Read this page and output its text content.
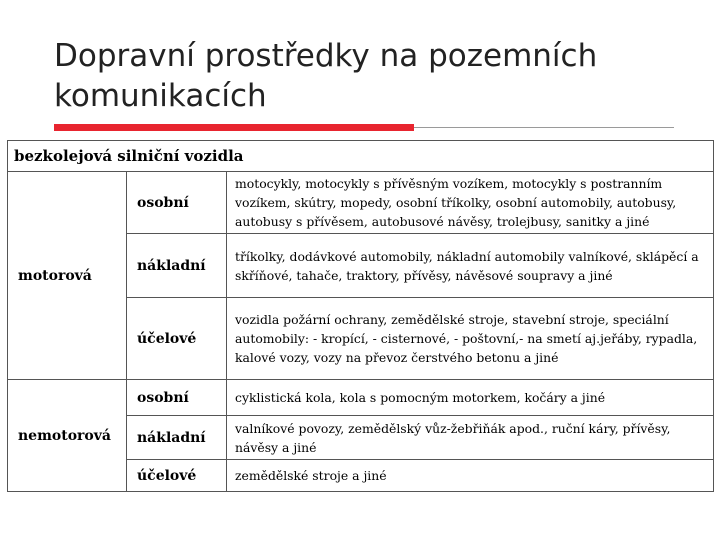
Dopravní prostředky na pozemních komunikacích
bezkolejová silniční vozidla		
motorová	osobní	motocykly, motocykly s přívěsným vozíkem, motocykly s postranním vozíkem, skútry, mopedy, osobní tříkolky, osobní automobily, autobusy, autobusy s přívěsem, autobusové návěsy, trolejbusy, sanitky a jiné
	nákladní	tříkolky, dodávkové automobily, nákladní automobily valníkové, sklápěcí a skříňové, tahače, traktory, přívěsy, návěsové soupravy a jiné
	účelové	vozidla požární ochrany, zemědělské stroje, stavební stroje, speciální automobily: - kropící, - cisternové, - poštovní,- na smetí aj.jeřáby, rypadla, kalové vozy, vozy na převoz čerstvého betonu a jiné
nemotorová	osobní	cyklistická kola, kola s pomocným motorkem, kočáry a jiné
	nákladní	valníkové povozy, zemědělský vůz-žebřiňák apod., ruční káry, přívěsy, návěsy a jiné
	účelové	zemědělské stroje a jiné
